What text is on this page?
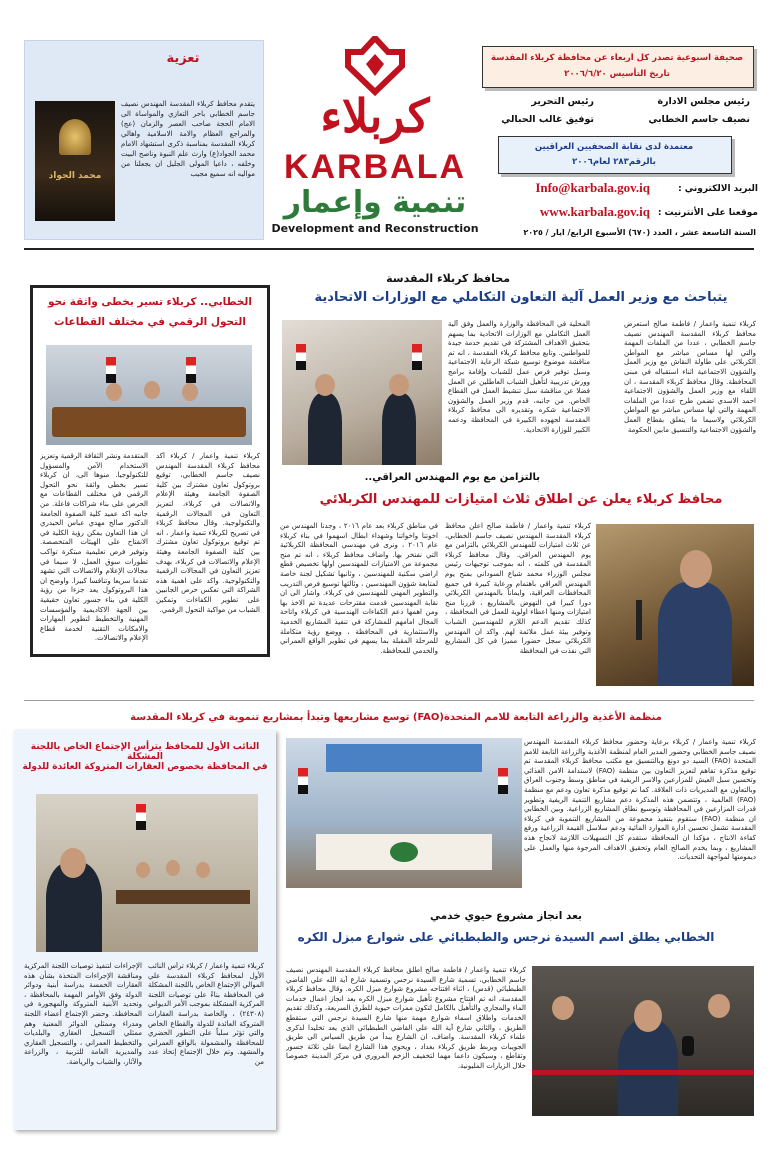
تعزية
محمد الجواد
يتقدم محافظ كربلاء المقدسة المهندس نصيف جاسم الخطابي باحر التعازي والمواساة الى الامام الحجة صاحب العصر والزمان (عج) والمراجع العظام والامة الاسلامية واهالي كربلاء المقدسة بمناسبة ذكرى استشهاد الامام محمد الجواد(ع) وارث علم النبوة وناصح البيت وخلفه ، داعيا المولى الجليل ان يجعلنا من مواليه انه سميع مجيب
كربلاء
KARBALA
تنمية وإعمار
Development and Reconstruction
صحيفة اسبوعية تصدر كل اربعاء عن محافظة كربلاء المقدسة
تاريخ التأسيس ٢٠٠٦/٦/٢٠
رئيس مجلس الادارة
نصيف جاسم الخطابي
رئيس التحرير
توفيق غالب الحبالي
معتمدة لدى نقابة الصحفيين العراقيين
بالرقم٢٨٣ لعام٢٠٠٦
البريد الالكتروني :
Info@karbala.gov.iq
موقعنا على الأنترنيت :
www.karbala.gov.iq
السنة التاسعة عشر ، العدد (٦٧٠) الأسبوع الرابع/ ايار / ٢٠٢٥
محافظ كربلاء المقدسة
يتباحث مع وزير العمل آلية التعاون التكاملي مع الوزارات الاتحادية
كربلاء تنمية واعمار / فاطمة صالح استعرض محافظ كربلاء المقدسة المهندس نصيف جاسم الخطابي ، عددا من الملفات المهمة والتي لها مساس مباشر مع المواطن الكربلائي على طاولة النقاش مع وزير العمل والشؤون الاجتماعية اثناء استقباله في مبنى المحافظة. وقال محافظ كربلاء المقدسة ، ان اللقاء مع وزير العمل والشؤون الاجتماعية احمد الاسدي تضمن طرح عددا من الملفات المهمة والتي لها مساس مباشر مع المواطن الكربلائي ولاسيما ما يتعلق بقطاع العمل والشؤون الاجتماعية والتنسيق مابين الحكومة
المحلية في المحافظة والوزارة والعمل وفق آلية العمل التكاملي مع الوزارات الاتحادية بما يسهم بتحقيق الاهداف المشتركة في تقديم خدمة جيدة للمواطنين. وتابع محافظ كربلاء المقدسة ، انه تم مناقشة موضوع توسيع شبكة الرعاية الاجتماعية وسبل توفير فرص عمل للشباب وإقامة برامج وورش تدريبية لتأهيل الشباب العاطلين عن العمل فضلا عن مناقشة سبل تنشيط العمل في القطاع الخاص. من جانبه، قدم وزير العمل والشؤون الاجتماعية شكره وتقديره الى محافظ كربلاء المقدسة لجهوده الكبيرة في المحافظة ودعمه الكبير للوزارة الاتحادية.
الخطابي.. كربلاء تسير بخطى واثقة نحو
التحول الرقمي في مختلف القطاعات
كربلاء تنمية واعمار / كربلاء أكد محافظ كربلاء المقدسة المهندس نصيف جاسم الخطابي، توقيع بروتوكول تعاون مشترك بين كلية الصفوة الجامعة وهيئة الإعلام والاتصالات في كربلاء، لتعزيز التعاون في المجالات الرقمية والتكنولوجية. وقال محافظ كربلاء في تصريح لكربلاء تنمية واعمار ، انه تم توقيع بروتوكول تعاون مشترك بين كلية الصفوة الجامعة وهيئة الإعلام والاتصالات في كربلاء، بهدف تعزيز التعاون في المجالات الرقمية والتكنولوجية. واكد على اهمية هذه الشراكة التي تعكس حرص الجانبين على تطوير الكفاءات وتمكين الشباب من مواكبة التحول الرقمي.
المتقدمة ونشر الثقافة الرقمية وتعزيز الاستخدام الآمن والمسؤول للتكنولوجيا. منوها الى، ان كربلاء تسير بخطى واثقة نحو التحول الرقمي في مختلف القطاعات مع الحرص على بناء شراكات فاعلة. من جانبه اكد عميد كلية الصفوة الجامعة الدكتور صالح مهدي عباس الحيدري ان هذا التعاون يمكن رؤية الكلية في الانفتاح على الهيئات المتخصصة. وتوفير فرص تعليمية مبتكرة تواكب تطورات سوق العمل، لا سيما في مجالات الإعلام والاتصالات التي تشهد تقدما سريعا وتنافسا كبيرا. واوضح ان هذا البروتوكول يعد جزءا من رؤية الكلية في بناء جسور تعاون حقيقية بين الجهة الاكاديمية والمؤسسات المهنية والتخطيط لتطوير المهارات والامكانات التقنية لخدمة قطاع الإعلام والاتصالات.
بالتزامن مع يوم المهندس العراقي..
محافظ كربلاء يعلن عن اطلاق ثلاث امتيازات للمهندس الكربلائي
كربلاء تنمية واعمار / فاطمة صالح اعلن محافظ كربلاء المقدسة المهندس نصيف جاسم الخطابي، عن ثلاث امتيازات للمهندس الكربلائي بالتزامن مع يوم المهندس العراقي. وقال محافظ كربلاء المقدسة في كلمته ، انه بموجب توجيهات رئيس مجلس الوزراء محمد شياع السوداني بمنح يوم المهندس العراقي باهتمام ورعاية كبيرة في جميع المحافظات العراقية، وايماناً بالمهندس الكربلائي دورا كبيرا في النهوض بالمشاريع ، قررنا منح امتيازات ومنها اعطاء اولوية للعمل في المحافظة ، كذلك تقديم الدعم اللازم للمهندسين الشباب وتوفير بيئة عمل ملائمة لهم. واكد ان المهندس الكربلائي سجل حضورا مميزا في كل المشاريع التي نفذت في المحافظة
في مناطق كربلاء بعد عام ٢٠١٦ ، وجدنا المهندس من اخوتنا واخواتنا وشهداء ابطال اسهموا في بناء كربلاء عام ٢٠١٦ ، ونرى في مهندسي المحافظة الكربلائية التي نفتخر بها. واضاف محافظ كربلاء ، انه تم منح مجموعة من الامتيازات للمهندسين اولها تخصيص قطع اراضي سكنية للمهندسين ، وثانيها تشكيل لجنة خاصة لمتابعة شؤون المهندسين ، وثالثها توسيع فرص التدريب والتطوير المهني للمهندسين في كربلاء. واشار الى ان نقابة المهندسين قدمت مقترحات عديدة تم الاخذ بها ومن اهمها دعم الكفاءات الهندسية في كربلاء واتاحة المجال امامهم للمشاركة في تنفيذ المشاريع الخدمية والاستثمارية في المحافظة ، ووضع رؤية متكاملة للمرحلة المقبلة بما يسهم في تطوير الواقع العمراني والخدمي للمحافظة.
منظمة الأغذية والزراعة التابعة للامم المتحدة(FAO) توسع مشاريعها وتبدأ بمشاريع تنموية في كربلاء المقدسة
كربلاء تنمية واعمار / كربلاء برعاية وحضور محافظ كربلاء المقدسة المهندس نصيف جاسم الخطابي وحضور المدير العام لمنظمة الأغذية والزراعة التابعة للامم المتحدة (FAO) السيد دو دونغ وبالتنسيق مع مكتب محافظ كربلاء المقدسة تم توقيع مذكرة تفاهم لتعزيز التعاون بين منظمة (FAO) لاستدامة الامن الغذائي وتحسين سبل العيش للمزارعين والاسر الريفية في مناطق وسط وجنوب العراق وبالتعاون مع المديريات ذات العلاقة. كما تم توقيع مذكرة تعاون ودعم مع منظمة (FAO) العالمية ، وتتضمن هذه المذكرة دعم مشاريع التنمية الريفية وتطوير قدرات المزارعين في المحافظة وتوسيع نطاق المشاريع الزراعية. وبين الخطابي ان منظمة (FAO) ستقوم بتنفيذ مجموعة من المشاريع التنموية في كربلاء المقدسة تشمل تحسين ادارة الموارد المائية ودعم سلاسل القيمة الزراعية ورفع كفاءة الانتاج ، مؤكدا ان المحافظة ستقدم كل التسهيلات اللازمة لانجاح هذه المشاريع ، وبما يخدم الصالح العام وتحقيق الاهداف المرجوة منها والعمل على ديمومتها لمواجهة التحديات.
النائب الأول للمحافظ يترأس الإجتماع الخاص باللجنة المشكلة
في المحافظة بخصوص العقارات المتروكة العائدة للدولة
كربلاء تنمية واعمار / كربلاء ترأس النائب الأول لمحافظ كربلاء المقدسة علي الموالي الإجتماع الخاص باللجنة المشكلة في المحافظة بناءً على توصيات اللجنة المركزية المشكلة بموجب الأمر الديواني (٢٤٣٠٨) ، والخاصة بدراسة العقارات المتروكة العائدة للدولة والقطاع الخاص والتي تؤثر سلباً على التطور الحضري للمحافظة والمشمولة بالواقع العمراني والمشهد. وتم خلال الإجتماع إتخاذ عدد من
الإجراءات لتنفيذ توصيات اللجنة المركزية ومناقشة الإجراءات المتخذة بشأن هذه العقارات الخمسة بدراسة أبنية ودوائر الدولة وفق الأوامر المهمة بالمحافظة ، وتحديد الأبنية المتروكة والمهجورة في المحافظة. وحضر الإجتماع أعضاء اللجنة ومدراء وممثلي الدوائر المعنية وهم ممثلي التسجيل العقاري والبلديات والتخطيط العمراني ، والتسجيل العقاري والمديرية العامة للتربية ، والزراعة والآثار، والشباب والرياضة.
بعد انجاز مشروع حيوي خدمي
الخطابي يطلق اسم السيدة نرجس والطبطبائي على شوارع مبزل الكره
كربلاء تنمية واعمار / فاطمة صالح اطلق محافظ كربلاء المقدسة المهندس نصيف جاسم الخطابي، تسمية شارع السيدة نرجس وتسمية شارع آية الله علي القاضي الطبطبائي (قدس) ، اثناء افتتاحه مشروع شوارع مبزل الكره. وقال محافظ كربلاء المقدسة، انه تم افتتاح مشروع تأهيل شوارع مبزل الكره بعد انجاز اعمال خدمات الماء والمجاري والتأهيل بالكامل لتكون ممرات حيوية للطرق السريعة، وكذلك تقديم الخدمات واطلاق اسماء شوارع مهمة منها شارع السيدة نرجس التي ستقطع الطريق ، والثاني شارع آية الله علي القاضي الطبطبائي الذي يعد تخليدا لذكرى علماء كربلاء المقدسة. واضاف، ان الشارع يبدأ من طريق السياس الى طريق الجويبات ويربط طريق كربلاء بغداد ، ويحوي هذا الشارع ايضا على ثلاثة جسور وتقاطع ، وسيكون داعما مهما لتخفيف الزخم المروري في مركز المدينة خصوصا خلال الزيارات المليونية.
